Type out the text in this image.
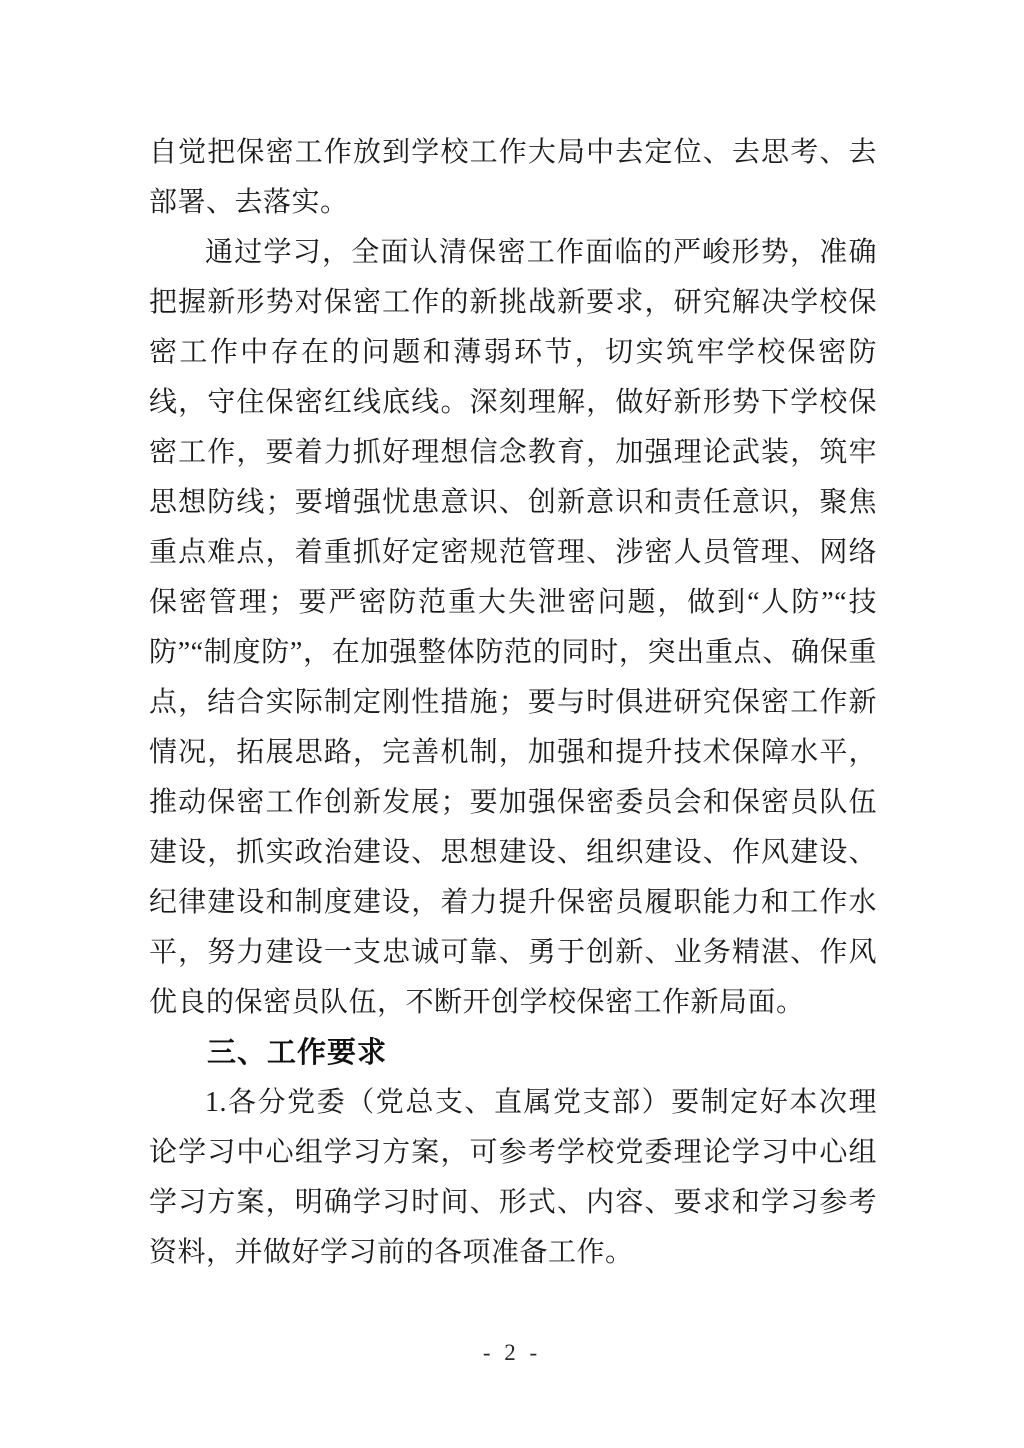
自觉把保密工作放到学校工作大局中去定位、去思考、去部署、去落实。

通过学习，全面认清保密工作面临的严峻形势，准确把握新形势对保密工作的新挑战新要求，研究解决学校保密工作中存在的问题和薄弱环节，切实筑牢学校保密防线，守住保密红线底线。深刻理解，做好新形势下学校保密工作，要着力抓好理想信念教育，加强理论武装，筑牢思想防线；要增强忧患意识、创新意识和责任意识，聚焦重点难点，着重抓好定密规范管理、涉密人员管理、网络保密管理；要严密防范重大失泄密问题，做到“人防”“技防”“制度防”，在加强整体防范的同时，突出重点、确保重点，结合实际制定刚性措施；要与时俱进研究保密工作新情况，拓展思路，完善机制，加强和提升技术保障水平，推动保密工作创新发展；要加强保密委员会和保密员队伍建设，抓实政治建设、思想建设、组织建设、作风建设、纪律建设和制度建设，着力提升保密员履职能力和工作水平，努力建设一支忠诚可靠、勇于创新、业务精湛、作风优良的保密员队伍，不断开创学校保密工作新局面。

三、工作要求

1.各分党委（党总支、直属党支部）要制定好本次理论学习中心组学习方案，可参考学校党委理论学习中心组学习方案，明确学习时间、形式、内容、要求和学习参考资料，并做好学习前的各项准备工作。

- 2 -
